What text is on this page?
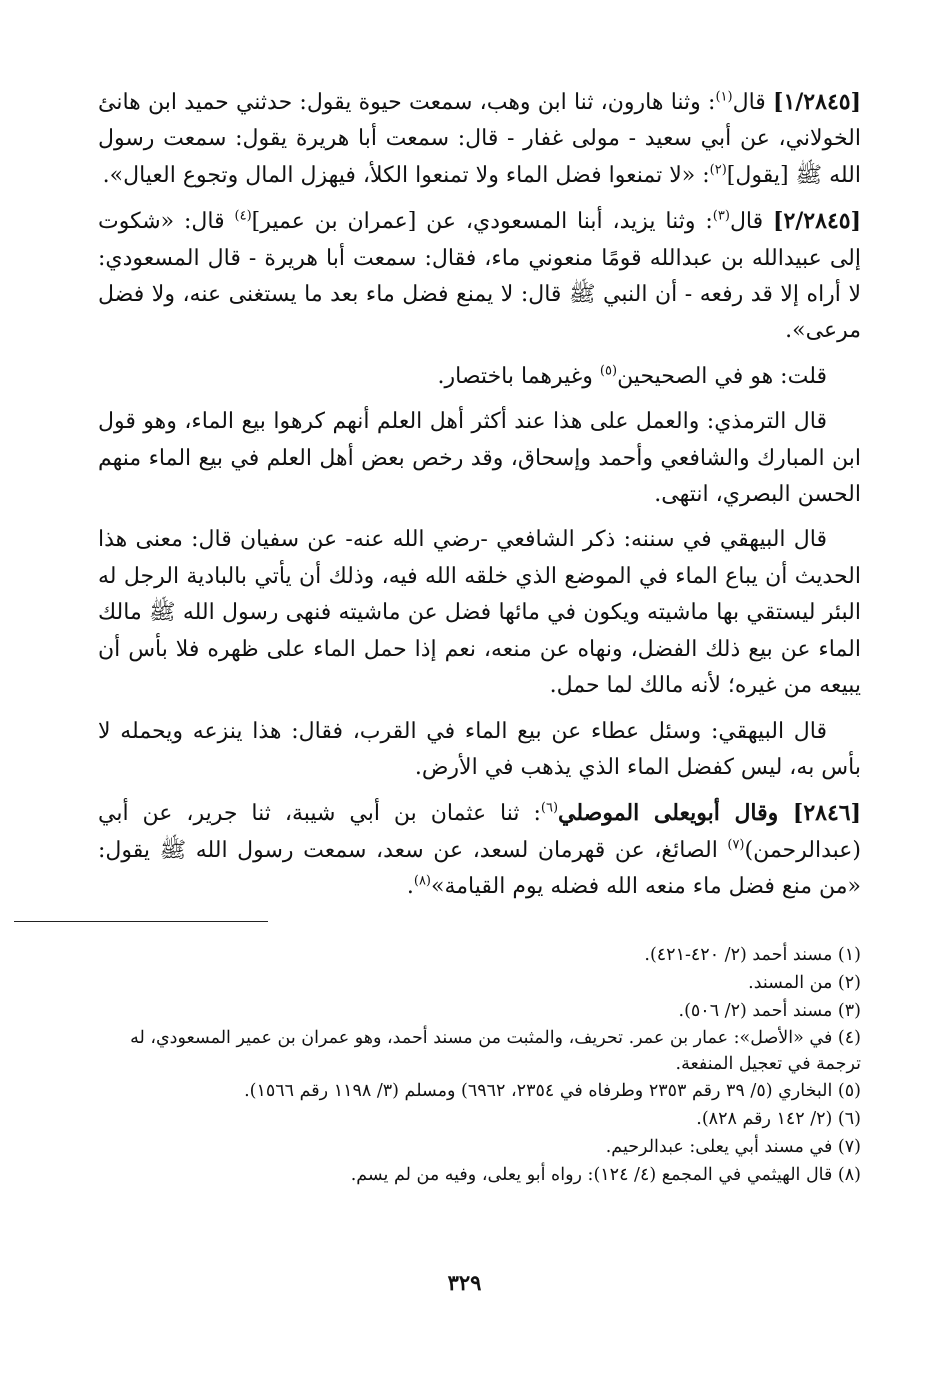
[١/٢٨٤٥] قال$^{(١)}$: وثنا هارون، ثنا ابن وهب، سمعت حيوة يقول: حدثني حميد ابن هانئ الخولاني، عن أبي سعيد - مولى غفار - قال: سمعت أبا هريرة يقول: سمعت رسول الله ﷺ [يقول]$^{(٢)}$: «لا تمنعوا فضل الماء ولا تمنعوا الكلأ، فيهزل المال وتجوع العيال».

[٢/٢٨٤٥] قال$^{(٣)}$: وثنا يزيد، أبنا المسعودي، عن [عمران بن عمير]$^{(٤)}$ قال: «شكوت إلى عبيدالله بن عبدالله قومًا منعوني ماء، فقال: سمعت أبا هريرة - قال المسعودي: لا أراه إلا قد رفعه - أن النبي ﷺ قال: لا يمنع فضل ماء بعد ما يستغنى عنه، ولا فضل مرعى».

قلت: هو في الصحيحين$^{(٥)}$ وغيرهما باختصار.

قال الترمذي: والعمل على هذا عند أكثر أهل العلم أنهم كرهوا بيع الماء، وهو قول ابن المبارك والشافعي وأحمد وإسحاق، وقد رخص بعض أهل العلم في بيع الماء منهم الحسن البصري، انتهى.

قال البيهقي في سننه: ذكر الشافعي -رضي الله عنه- عن سفيان قال: معنى هذا الحديث أن يباع الماء في الموضع الذي خلقه الله فيه، وذلك أن يأتي بالبادية الرجل له البئر ليستقي بها ماشيته ويكون في مائها فضل عن ماشيته فنهى رسول الله ﷺ مالك الماء عن بيع ذلك الفضل، ونهاه عن منعه، نعم إذا حمل الماء على ظهره فلا بأس أن يبيعه من غيره؛ لأنه مالك لما حمل.

قال البيهقي: وسئل عطاء عن بيع الماء في القرب، فقال: هذا ينزعه ويحمله لا بأس به، ليس كفضل الماء الذي يذهب في الأرض.

[٢٨٤٦] وقال أبويعلى الموصلي$^{(٦)}$: ثنا عثمان بن أبي شيبة، ثنا جرير، عن أبي (عبدالرحمن)$^{(٧)}$ الصائغ، عن قهرمان لسعد، عن سعد، سمعت رسول الله ﷺ يقول: «من منع فضل ماء منعه الله فضله يوم القيامة»$^{(٨)}$.

(١) مسند أحمد (٢/ ٤٢٠-٤٢١).

(٢) من المسند.

(٣) مسند أحمد (٢/ ٥٠٦).

(٤) في «الأصل»: عمار بن عمر. تحريف، والمثبت من مسند أحمد، وهو عمران بن عمير المسعودي، له ترجمة في تعجيل المنفعة.

(٥) البخاري (٥/ ٣٩ رقم ٢٣٥٣ وطرفاه في ٢٣٥٤، ٦٩٦٢) ومسلم (٣/ ١١٩٨ رقم ١٥٦٦).

(٦) (٢/ ١٤٢ رقم ٨٢٨).

(٧) في مسند أبي يعلى: عبدالرحيم.

(٨) قال الهيثمي في المجمع (٤/ ١٢٤): رواه أبو يعلى، وفيه من لم يسم.

٣٢٩
